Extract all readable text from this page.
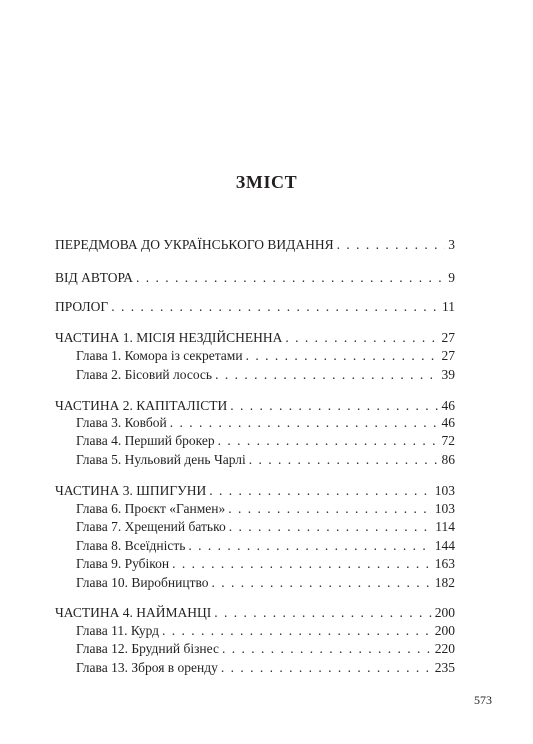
ЗМІСТ
ПЕРЕДМОВА ДО УКРАЇНСЬКОГО ВИДАННЯ . . .	3
ВІД АВТОРА . . .	9
ПРОЛОГ . . .	11
ЧАСТИНА 1. МІСІЯ НЕЗДІЙСНЕННА . . .	27
Глава 1. Комора із секретами . . .	27
Глава 2. Бісовий лосось . . .	39
ЧАСТИНА 2. КАПІТАЛІСТИ . . .	46
Глава 3. Ковбой . . .	46
Глава 4. Перший брокер . . .	72
Глава 5. Нульовий день Чарлі . . .	86
ЧАСТИНА 3. ШПИГУНИ . . .	103
Глава 6. Проєкт «Ганмен» . . .	103
Глава 7. Хрещений батько . . .	114
Глава 8. Всеїдність . . .	144
Глава 9. Рубікон . . .	163
Глава 10. Виробництво . . .	182
ЧАСТИНА 4. НАЙМАНЦІ . . .	200
Глава 11. Курд . . .	200
Глава 12. Брудний бізнес . . .	220
Глава 13. Зброя в оренду . . .	235
573
